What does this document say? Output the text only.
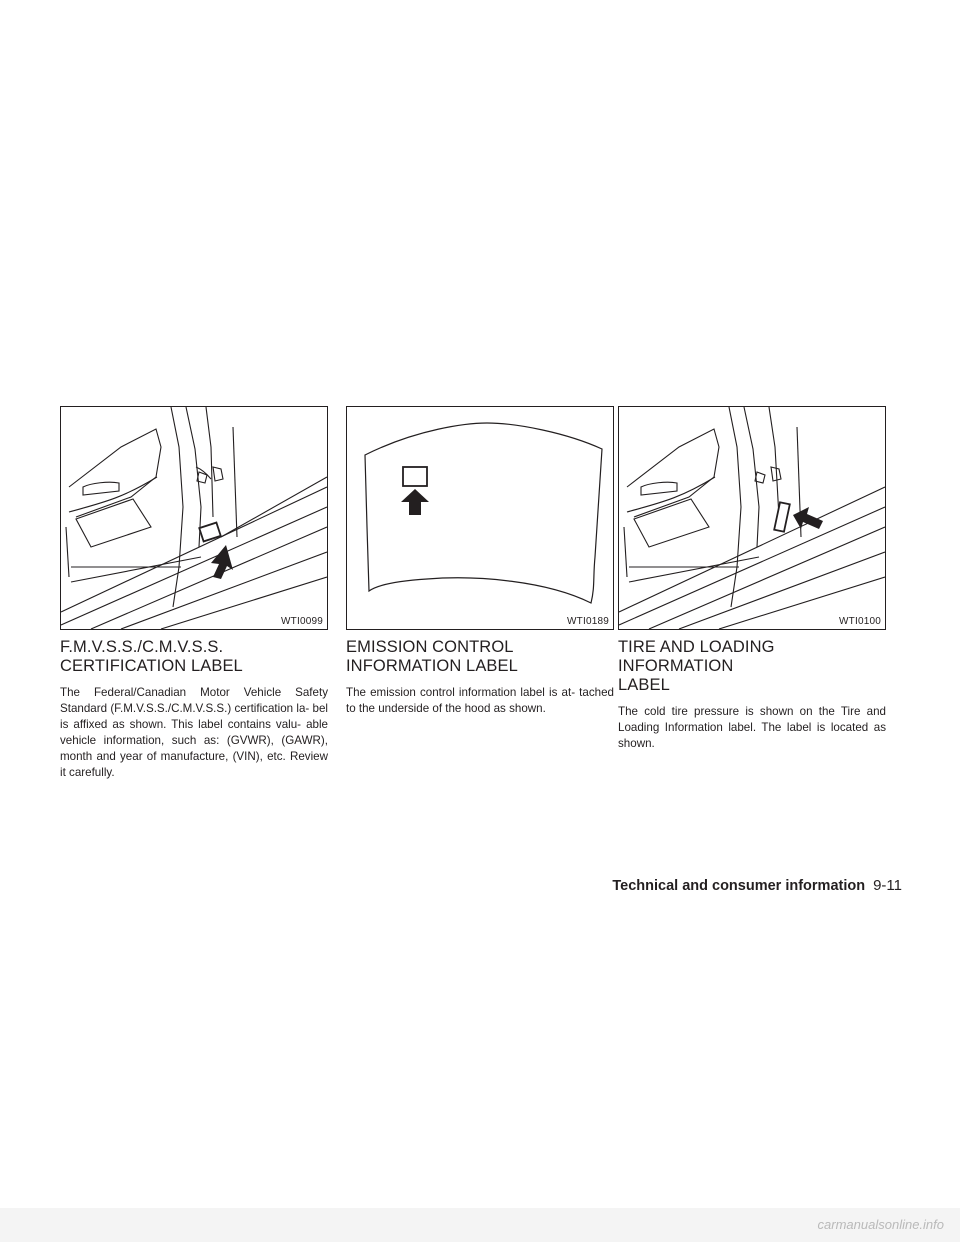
WTI0099
F.M.V.S.S./C.M.V.S.S.
CERTIFICATION LABEL

The Federal/Canadian Motor Vehicle Safety Standard (F.M.V.S.S./C.M.V.S.S.) certification la- bel is affixed as shown. This label contains valu- able vehicle information, such as: (GVWR), (GAWR), month and year of manufacture, (VIN), etc. Review it carefully.

WTI0189
EMISSION CONTROL
INFORMATION LABEL

The emission control information label is at- tached to the underside of the hood as shown.

WTI0100
TIRE AND LOADING INFORMATION
LABEL

The cold tire pressure is shown on the Tire and Loading Information label. The label is located as shown.

Technical and consumer information 9-11
carmanualsonline.info
